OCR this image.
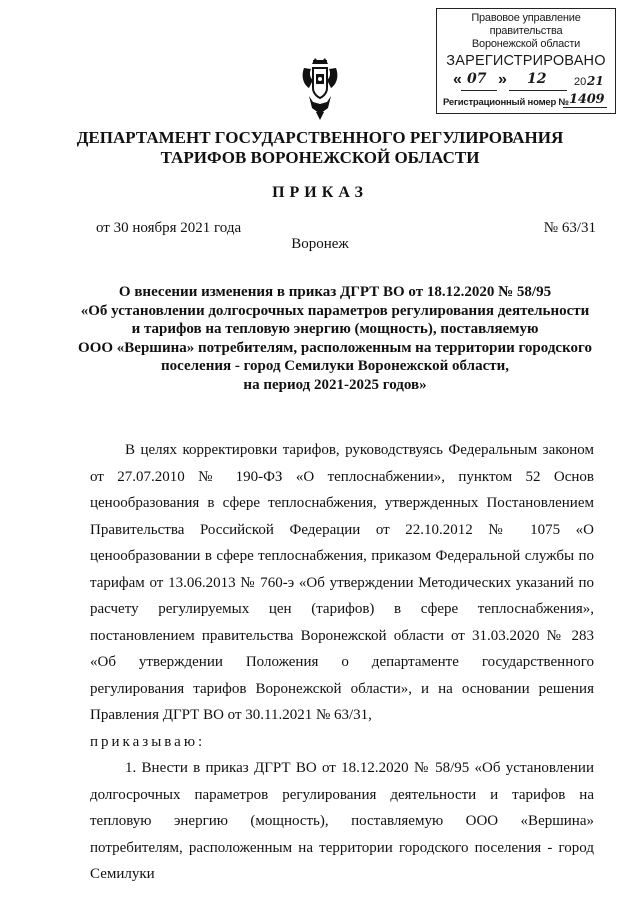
Правовое управление правительства
Воронежской области
ЗАРЕГИСТРИРОВАНО
« 07 » 12	20 21
Регистрационный номер № 1409
ДЕПАРТАМЕНТ ГОСУДАРСТВЕННОГО РЕГУЛИРОВАНИЯ
ТАРИФОВ ВОРОНЕЖСКОЙ ОБЛАСТИ
ПРИКАЗ
от 30 ноября 2021 года	№ 63/31
Воронеж
О внесении изменения в приказ ДГРТ ВО от 18.12.2020 № 58/95
«Об установлении долгосрочных параметров регулирования деятельности
и тарифов на тепловую энергию (мощность), поставляемую
ООО «Вершина» потребителям, расположенным на территории городского
поселения - город Семилуки Воронежской области,
на период 2021-2025 годов»

В целях корректировки тарифов, руководствуясь Федеральным законом от 27.07.2010 № 190-ФЗ «О теплоснабжении», пунктом 52 Основ ценообразования в сфере теплоснабжения, утвержденных Постановлением Правительства Российской Федерации от 22.10.2012 № 1075 «О ценообразовании в сфере теплоснабжения, приказом Федеральной службы по тарифам от 13.06.2013 № 760-э «Об утверждении Методических указаний по расчету регулируемых цен (тарифов) в сфере теплоснабжения», постановлением правительства Воронежской области от 31.03.2020 № 283 «Об утверждении Положения о департаменте государственного регулирования тарифов Воронежской области», и на основании решения Правления ДГРТ ВО от 30.11.2021 № 63/31,

приказываю:

1. Внести в приказ ДГРТ ВО от 18.12.2020 № 58/95 «Об установлении долгосрочных параметров регулирования деятельности и тарифов на тепловую энергию (мощность), поставляемую ООО «Вершина» потребителям, расположенным на территории городского поселения - город Семилуки
